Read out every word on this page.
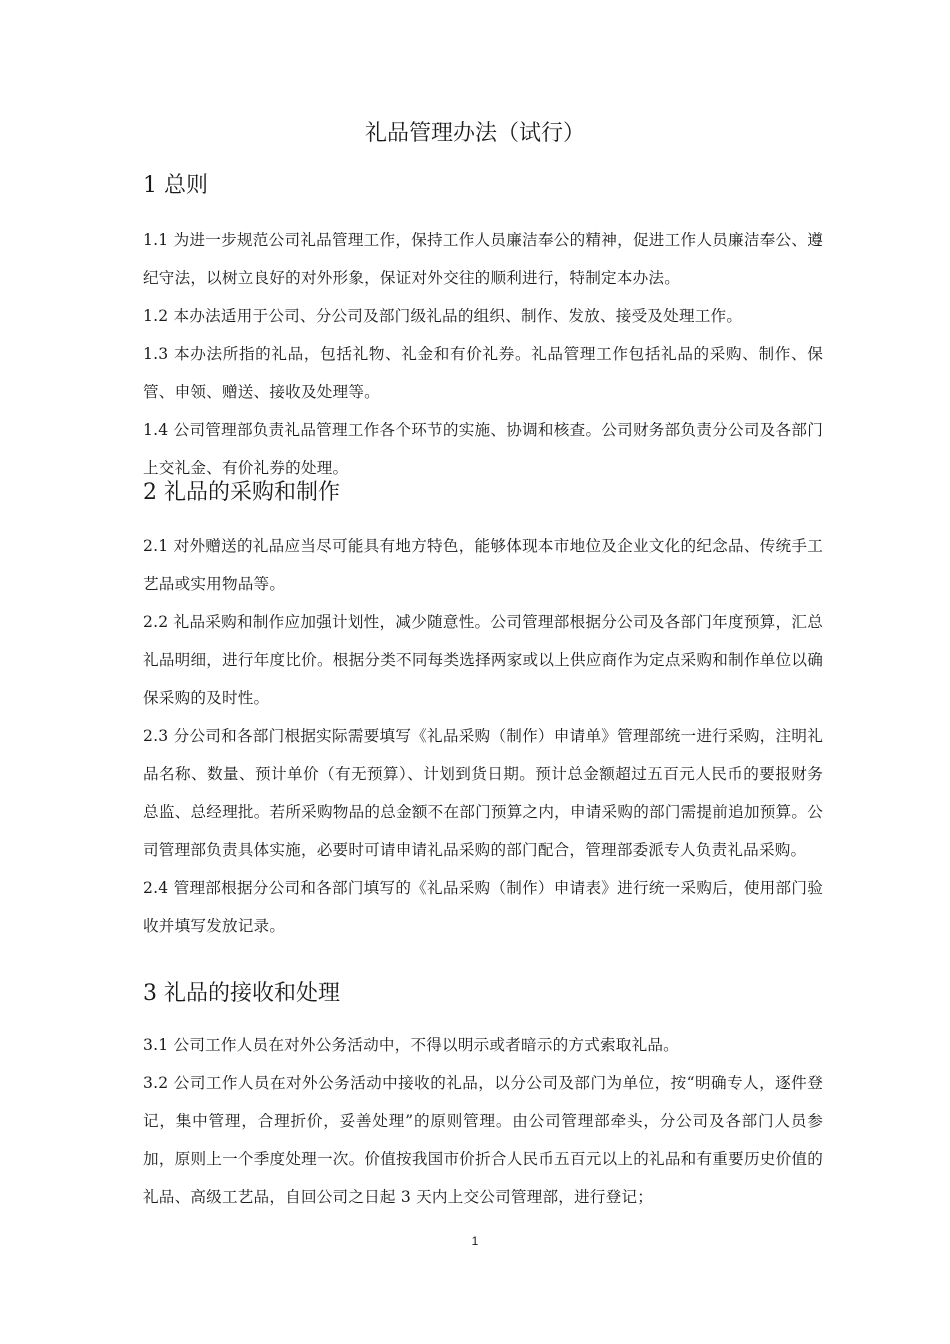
礼品管理办法（试行）
1 总则

1.1 为进一步规范公司礼品管理工作，保持工作人员廉洁奉公的精神，促进工作人员廉洁奉公、遵纪守法，以树立良好的对外形象，保证对外交往的顺利进行，特制定本办法。

1.2 本办法适用于公司、分公司及部门级礼品的组织、制作、发放、接受及处理工作。

1.3 本办法所指的礼品，包括礼物、礼金和有价礼券。礼品管理工作包括礼品的采购、制作、保管、申领、赠送、接收及处理等。

1.4 公司管理部负责礼品管理工作各个环节的实施、协调和核查。公司财务部负责分公司及各部门上交礼金、有价礼券的处理。

2 礼品的采购和制作

2.1 对外赠送的礼品应当尽可能具有地方特色，能够体现本市地位及企业文化的纪念品、传统手工艺品或实用物品等。

2.2 礼品采购和制作应加强计划性，减少随意性。公司管理部根据分公司及各部门年度预算，汇总礼品明细，进行年度比价。根据分类不同每类选择两家或以上供应商作为定点采购和制作单位以确保采购的及时性。

2.3 分公司和各部门根据实际需要填写《礼品采购（制作）申请单》管理部统一进行采购，注明礼品名称、数量、预计单价（有无预算）、计划到货日期。预计总金额超过五百元人民币的要报财务总监、总经理批。若所采购物品的总金额不在部门预算之内，申请采购的部门需提前追加预算。公司管理部负责具体实施，必要时可请申请礼品采购的部门配合，管理部委派专人负责礼品采购。

2.4 管理部根据分公司和各部门填写的《礼品采购（制作）申请表》进行统一采购后，使用部门验收并填写发放记录。

3 礼品的接收和处理

3.1 公司工作人员在对外公务活动中，不得以明示或者暗示的方式索取礼品。

3.2 公司工作人员在对外公务活动中接收的礼品，以分公司及部门为单位，按“明确专人，逐件登记，集中管理，合理折价，妥善处理”的原则管理。由公司管理部牵头，分公司及各部门人员参加，原则上一个季度处理一次。价值按我国市价折合人民币五百元以上的礼品和有重要历史价值的礼品、高级工艺品，自回公司之日起 3 天内上交公司管理部，进行登记；

1
